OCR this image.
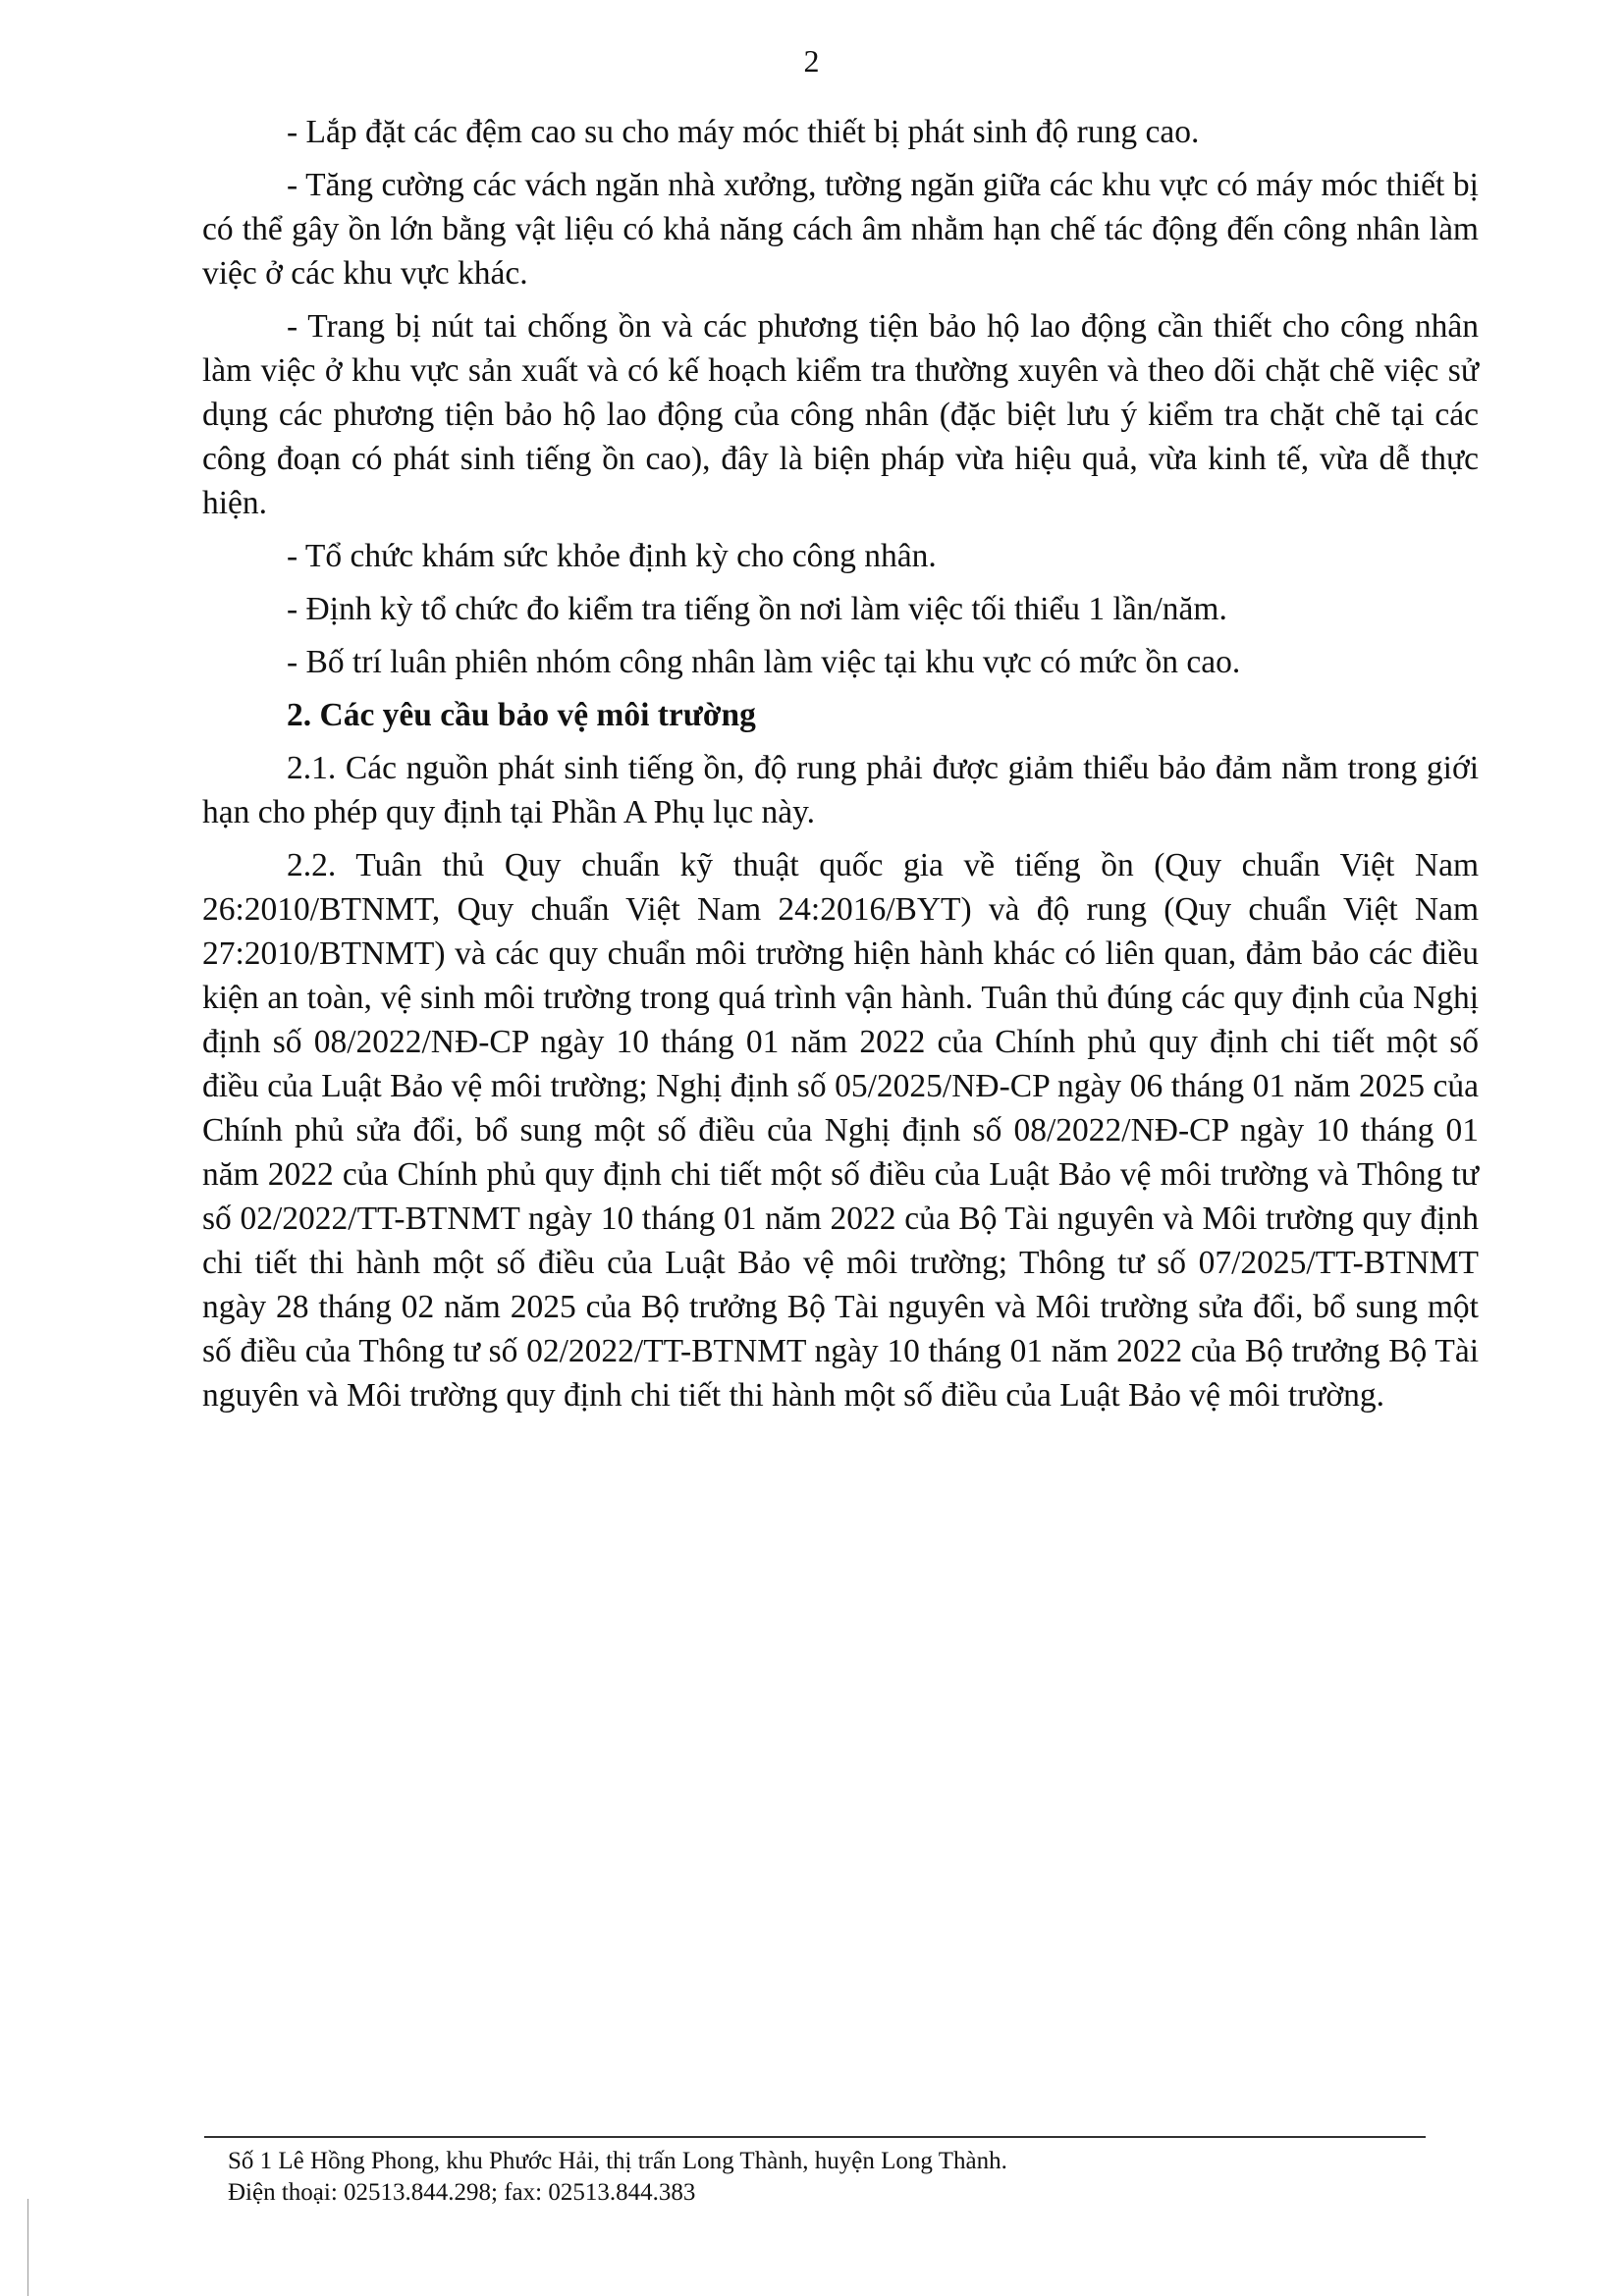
2

- Lắp đặt các đệm cao su cho máy móc thiết bị phát sinh độ rung cao.

- Tăng cường các vách ngăn nhà xưởng, tường ngăn giữa các khu vực có máy móc thiết bị có thể gây ồn lớn bằng vật liệu có khả năng cách âm nhằm hạn chế tác động đến công nhân làm việc ở các khu vực khác.

- Trang bị nút tai chống ồn và các phương tiện bảo hộ lao động cần thiết cho công nhân làm việc ở khu vực sản xuất và có kế hoạch kiểm tra thường xuyên và theo dõi chặt chẽ việc sử dụng các phương tiện bảo hộ lao động của công nhân (đặc biệt lưu ý kiểm tra chặt chẽ tại các công đoạn có phát sinh tiếng ồn cao), đây là biện pháp vừa hiệu quả, vừa kinh tế, vừa dễ thực hiện.

- Tổ chức khám sức khỏe định kỳ cho công nhân.

- Định kỳ tổ chức đo kiểm tra tiếng ồn nơi làm việc tối thiểu 1 lần/năm.

- Bố trí luân phiên nhóm công nhân làm việc tại khu vực có mức ồn cao.

2. Các yêu cầu bảo vệ môi trường

2.1. Các nguồn phát sinh tiếng ồn, độ rung phải được giảm thiểu bảo đảm nằm trong giới hạn cho phép quy định tại Phần A Phụ lục này.

2.2. Tuân thủ Quy chuẩn kỹ thuật quốc gia về tiếng ồn (Quy chuẩn Việt Nam 26:2010/BTNMT, Quy chuẩn Việt Nam 24:2016/BYT) và độ rung (Quy chuẩn Việt Nam 27:2010/BTNMT) và các quy chuẩn môi trường hiện hành khác có liên quan, đảm bảo các điều kiện an toàn, vệ sinh môi trường trong quá trình vận hành. Tuân thủ đúng các quy định của Nghị định số 08/2022/NĐ-CP ngày 10 tháng 01 năm 2022 của Chính phủ quy định chi tiết một số điều của Luật Bảo vệ môi trường; Nghị định số 05/2025/NĐ-CP ngày 06 tháng 01 năm 2025 của Chính phủ sửa đổi, bổ sung một số điều của Nghị định số 08/2022/NĐ-CP ngày 10 tháng 01 năm 2022 của Chính phủ quy định chi tiết một số điều của Luật Bảo vệ môi trường và Thông tư số 02/2022/TT-BTNMT ngày 10 tháng 01 năm 2022 của Bộ Tài nguyên và Môi trường quy định chi tiết thi hành một số điều của Luật Bảo vệ môi trường; Thông tư số 07/2025/TT-BTNMT ngày 28 tháng 02 năm 2025 của Bộ trưởng Bộ Tài nguyên và Môi trường sửa đổi, bổ sung một số điều của Thông tư số 02/2022/TT-BTNMT ngày 10 tháng 01 năm 2022 của Bộ trưởng Bộ Tài nguyên và Môi trường quy định chi tiết thi hành một số điều của Luật Bảo vệ môi trường.

Số 1 Lê Hồng Phong, khu Phước Hải, thị trấn Long Thành, huyện Long Thành.
Điện thoại: 02513.844.298; fax: 02513.844.383
